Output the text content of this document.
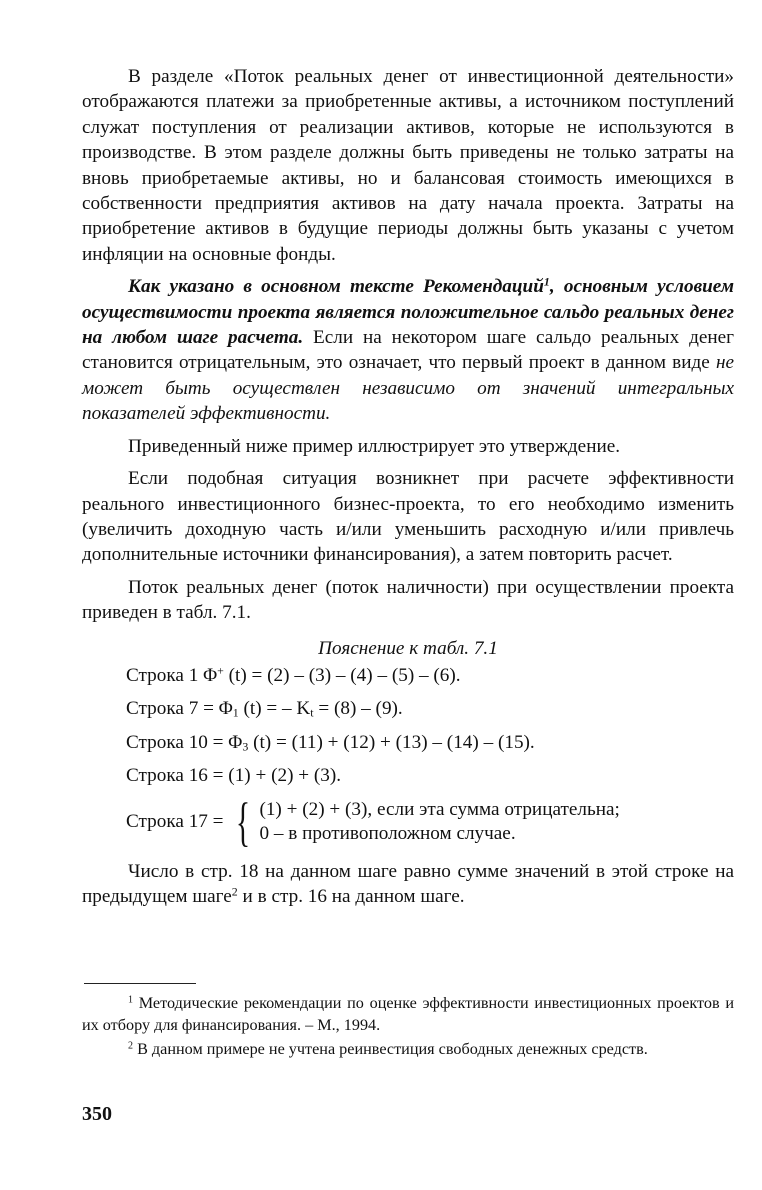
В разделе «Поток реальных денег от инвестиционной деятельности» отображаются платежи за приобретенные активы, а источником поступлений служат поступления от реализации активов, которые не используются в производстве. В этом разделе должны быть приведены не только затраты на вновь приобретаемые активы, но и балансовая стоимость имеющихся в собственности предприятия активов на дату начала проекта. Затраты на приобретение активов в будущие периоды должны быть указаны с учетом инфляции на основные фонды.

Как указано в основном тексте Рекомендаций$^1$, основным условием осуществимости проекта является положительное сальдо реальных денег на любом шаге расчета. Если на некотором шаге сальдо реальных денег становится отрицательным, это означает, что первый проект в данном виде не может быть осуществлен независимо от значений интегральных показателей эффективности.

Приведенный ниже пример иллюстрирует это утверждение.

Если подобная ситуация возникнет при расчете эффективности реального инвестиционного бизнес-проекта, то его необходимо изменить (увеличить доходную часть и/или уменьшить расходную и/или привлечь дополнительные источники финансирования), а затем повторить расчет.

Поток реальных денег (поток наличности) при осуществлении проекта приведен в табл. 7.1.

Пояснение к табл. 7.1
Строка 1 Φ+ (t) = (2) – (3) – (4) – (5) – (6).
Строка $7 = \Phi_1$ (t) = – $K_t = (8) - (9)$.
Строка $10 = \Phi_3$ (t) = (11) + (12) + (13) – (14) – (15).
Строка 16 = (1) + (2) + (3).
Строка 17 = { (1) + (2) + (3), если эта сумма отрицательна;
0 – в противоположном случае.

Число в стр. 18 на данном шаге равно сумме значений в этой строке на предыдущем шаге$^2$ и в стр. 16 на данном шаге.

$^1$ Методические рекомендации по оценке эффективности инвестиционных проектов и их отбору для финансирования. – М., 1994.

$^2$ В данном примере не учтена реинвестиция свободных денежных средств.

350
